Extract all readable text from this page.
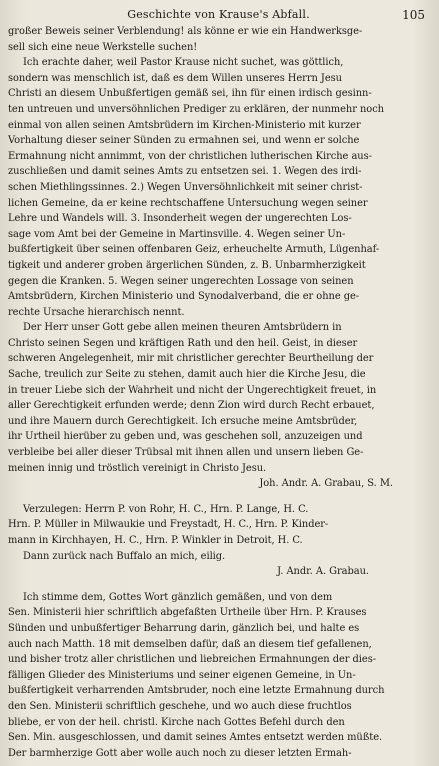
Geschichte von Krause's Abfall.	105

großer Beweis seiner Verblendung! als könne er wie ein Handwerksge-
sell sich eine neue Werkstelle suchen!

Ich erachte daher, weil Pastor Krause nicht suchet, was göttlich,
sondern was menschlich ist, daß es dem Willen unseres Herrn Jesu
Christi an diesem Unbußfertigen gemäß sei, ihn für einen irdisch gesinn-
ten untreuen und unversöhnlichen Prediger zu erklären, der nunmehr noch
einmal von allen seinen Amtsbrüdern im Kirchen-Ministerio mit kurzer
Vorhaltung dieser seiner Sünden zu ermahnen sei, und wenn er solche
Ermahnung nicht annimmt, von der christlichen lutherischen Kirche aus-
zuschließen und damit seines Amts zu entsetzen sei. 1. Wegen des irdi-
schen Miethlingssinnes. 2.) Wegen Unversöhnlichkeit mit seiner christ-
lichen Gemeine, da er keine rechtschaffene Untersuchung wegen seiner
Lehre und Wandels will. 3. Insonderheit wegen der ungerechten Los-
sage vom Amt bei der Gemeine in Martinsville. 4. Wegen seiner Un-
bußfertigkeit über seinen offenbaren Geiz, erheuchelte Armuth, Lügenhaf-
tigkeit und anderer groben ärgerlichen Sünden, z. B. Unbarmherzigkeit
gegen die Kranken. 5. Wegen seiner ungerechten Lossage von seinen
Amtsbrüdern, Kirchen Ministerio und Synodalverband, die er ohne ge-
rechte Ursache hierarchisch nennt.

Der Herr unser Gott gebe allen meinen theuren Amtsbrüdern in
Christo seinen Segen und kräftigen Rath und den heil. Geist, in dieser
schweren Angelegenheit, mir mit christlicher gerechter Beurtheilung der
Sache, treulich zur Seite zu stehen, damit auch hier die Kirche Jesu, die
in treuer Liebe sich der Wahrheit und nicht der Ungerechtigkeit freuet, in
aller Gerechtigkeit erfunden werde; denn Zion wird durch Recht erbauet,
und ihre Mauern durch Gerechtigkeit. Ich ersuche meine Amtsbrüder,
ihr Urtheil hierüber zu geben und, was geschehen soll, anzuzeigen und
verbleibe bei aller dieser Trübsal mit ihnen allen und unsern lieben Ge-
meinen innig und tröstlich vereinigt in Christo Jesu.

Joh. Andr. A. Grabau, S. M.

Verzulegen: Herrn P. von Rohr, H. C., Hrn. P. Lange, H. C.
Hrn. P. Müller in Milwaukie und Freystadt, H. C., Hrn. P. Kinder-
mann in Kirchhayen, H. C., Hrn. P. Winkler in Detroit, H. C.
Dann zurück nach Buffalo an mich, eilig.

J. Andr. A. Grabau.

Ich stimme dem, Gottes Wort gänzlich gemäßen, und von dem
Sen. Ministerii hier schriftlich abgefaßten Urtheile über Hrn. P. Krauses
Sünden und unbußfertiger Beharrung darin, gänzlich bei, und halte es
auch nach Matth. 18 mit demselben dafür, daß an diesem tief gefallenen,
und bisher trotz aller christlichen und liebreichen Ermahnungen der dies-
fälligen Glieder des Ministeriums und seiner eigenen Gemeine, in Un-
bußfertigkeit verharrenden Amtsbruder, noch eine letzte Ermahnung durch
den Sen. Ministerii schriftlich geschehe, und wo auch diese fruchtlos
bliebe, er von der heil. christl. Kirche nach Gottes Befehl durch den
Sen. Min. ausgeschlossen, und damit seines Amtes entsetzt werden müßte.
Der barmherzige Gott aber wolle auch noch zu dieser letzten Ermah-
